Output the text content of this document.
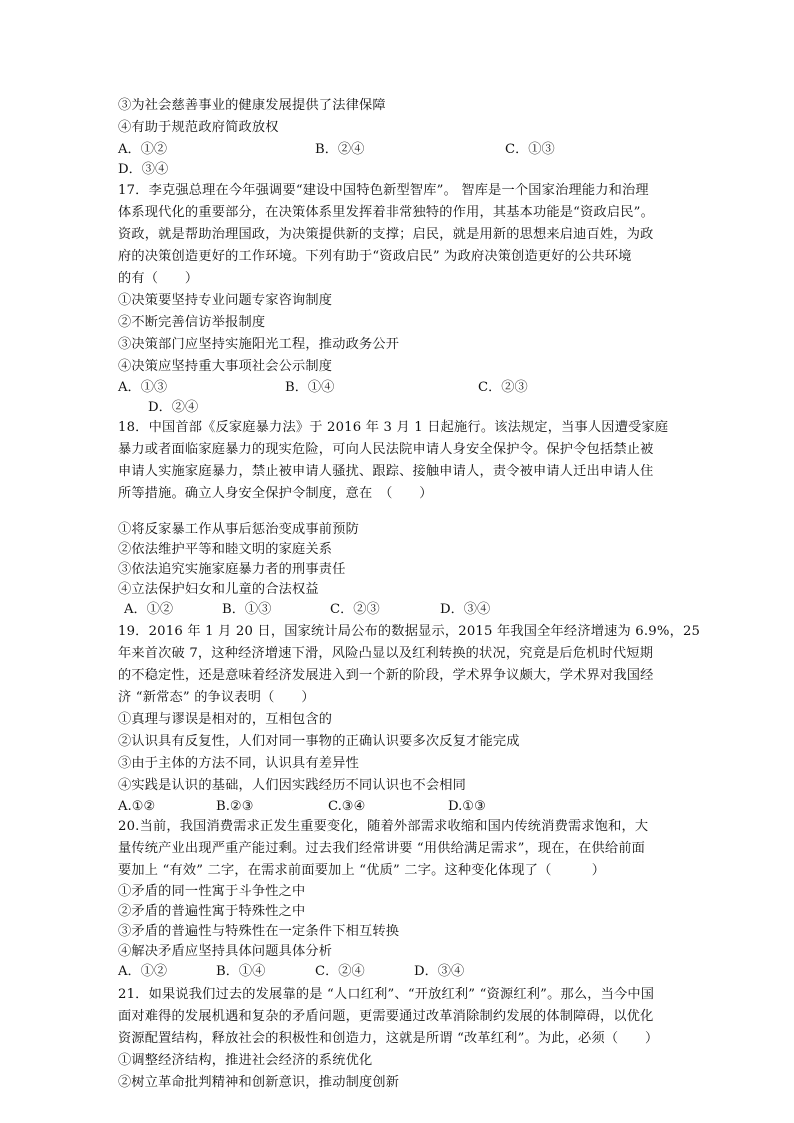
③为社会慈善事业的健康发展提供了法律保障
④有助于规范政府简政放权
A．①②	B．②④	C．①③
D．③④
17．李克强总理在今年强调要“建设中国特色新型智库”。 智库是一个国家治理能力和治理
体系现代化的重要部分，在决策体系里发挥着非常独特的作用，其基本功能是“资政启民”。
资政，就是帮助治理国政，为决策提供新的支撑；启民，就是用新的思想来启迪百姓，为政
府的决策创造更好的工作环境。下列有助于“资政启民” 为政府决策创造更好的公共环境
的有（　　）
①决策要坚持专业问题专家咨询制度
②不断完善信访举报制度
③决策部门应坚持实施阳光工程，推动政务公开
④决策应坚持重大事项社会公示制度
A．①③	B．①④	C．②③
D．②④
18．中国首部《反家庭暴力法》于 2016 年 3 月 1 日起施行。该法规定，当事人因遭受家庭
暴力或者面临家庭暴力的现实危险，可向人民法院申请人身安全保护令。保护令包括禁止被
申请人实施家庭暴力，禁止被申请人骚扰、跟踪、接触申请人，责令被申请人迁出申请人住
所等措施。确立人身安全保护令制度，意在　（　　）
①将反家暴工作从事后惩治变成事前预防
②依法维护平等和睦文明的家庭关系
③依法追究实施家庭暴力者的刑事责任
④立法保护妇女和儿童的合法权益
A．①②	B．①③	C．②③	D．③④
19．2016 年 1 月 20 日，国家统计局公布的数据显示，2015 年我国全年经济增速为 6.9%，25
年来首次破 7，这种经济增速下滑，风险凸显以及红利转换的状况，究竟是后危机时代短期
的不稳定性，还是意味着经济发展进入到一个新的阶段，学术界争议颇大，学术界对我国经
济 “新常态” 的争议表明（　　）
①真理与谬误是相对的，互相包含的
②认识具有反复性，人们对同一事物的正确认识要多次反复才能完成
③由于主体的方法不同，认识具有差异性
④实践是认识的基础，人们因实践经历不同认识也不会相同
A.①②	B.②③	C.③④	D.①③
20.当前，我国消费需求正发生重要变化，随着外部需求收缩和国内传统消费需求饱和，大
量传统产业出现严重产能过剩。过去我们经常讲要 “用供给满足需求”，现在，在供给前面
要加上 “有效” 二字，在需求前面要加上 “优质” 二字。这种变化体现了（　　　）
①矛盾的同一性寓于斗争性之中
②矛盾的普遍性寓于特殊性之中
③矛盾的普遍性与特殊性在一定条件下相互转换
④解决矛盾应坚持具体问题具体分析
A．①②	B．①④	C．②④	D．③④
21．如果说我们过去的发展靠的是 “人口红利”、“开放红利” “资源红利”。那么，当今中国
面对难得的发展机遇和复杂的矛盾问题，更需要通过改革消除制约发展的体制障碍，以优化
资源配置结构，释放社会的积极性和创造力，这就是所谓 “改革红利”。为此，必须（　　）
①调整经济结构，推进社会经济的系统优化
②树立革命批判精神和创新意识，推动制度创新
